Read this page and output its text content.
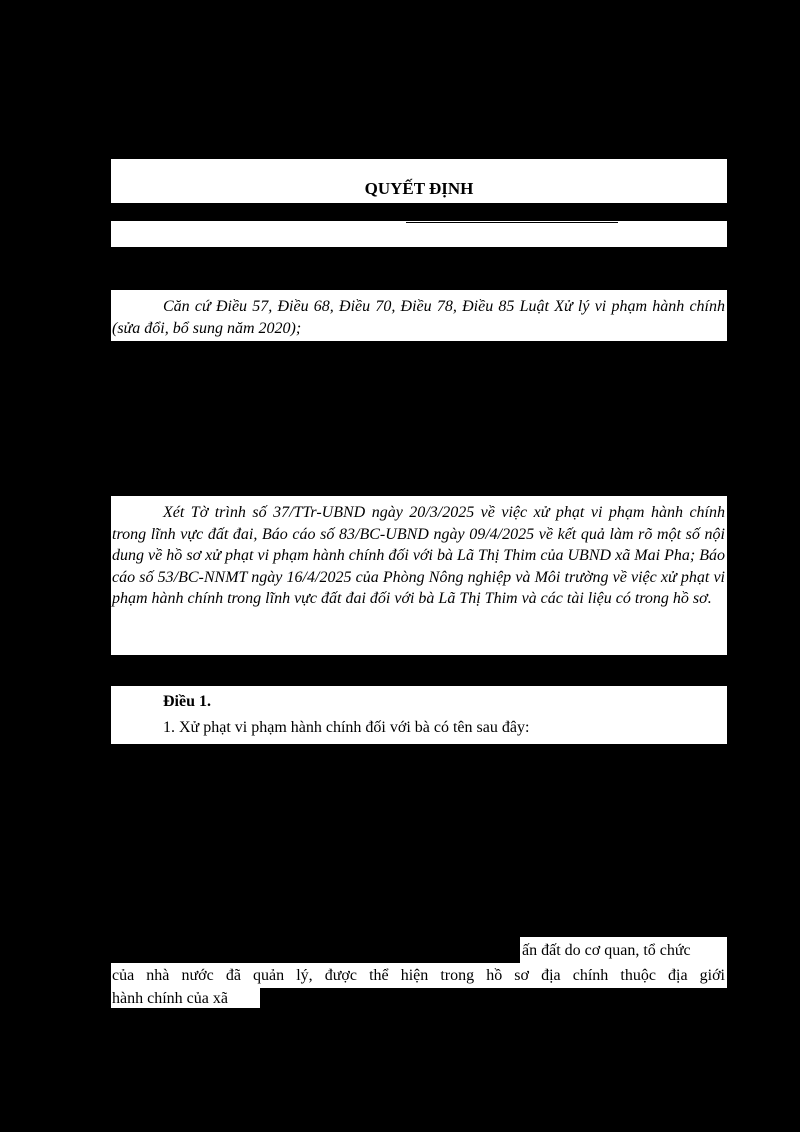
QUYẾT ĐỊNH

Căn cứ Điều 57, Điều 68, Điều 70, Điều 78, Điều 85 Luật Xử lý vi phạm hành chính (sửa đổi, bổ sung năm 2020);

Xét Tờ trình số 37/TTr-UBND ngày 20/3/2025 về việc xử phạt vi phạm hành chính trong lĩnh vực đất đai, Báo cáo số 83/BC-UBND ngày 09/4/2025 về kết quả làm rõ một số nội dung về hồ sơ xử phạt vi phạm hành chính đối với bà Lã Thị Thim của UBND xã Mai Pha; Báo cáo số 53/BC-NNMT ngày 16/4/2025 của Phòng Nông nghiệp và Môi trường về việc xử phạt vi phạm hành chính trong lĩnh vực đất đai đối với bà Lã Thị Thim và các tài liệu có trong hồ sơ.

Điều 1.

1. Xử phạt vi phạm hành chính đối với bà có tên sau đây:

ấn đất do cơ quan, tổ chức

của nhà nước đã quản lý, được thể hiện trong hồ sơ địa chính thuộc địa giới

hành chính của xã
